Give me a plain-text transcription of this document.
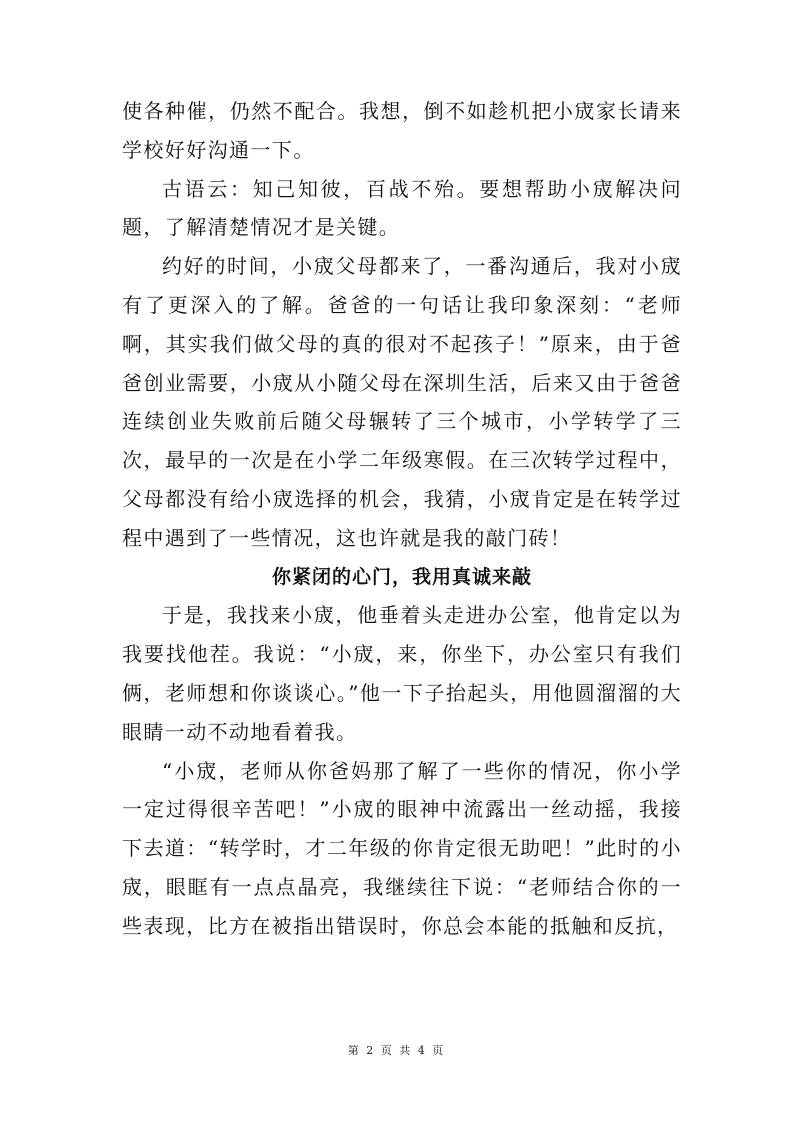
使各种催，仍然不配合。我想，倒不如趁机把小宬家长请来学校好好沟通一下。

古语云：知己知彼，百战不殆。要想帮助小宬解决问题，了解清楚情况才是关键。

约好的时间，小宬父母都来了，一番沟通后，我对小宬有了更深入的了解。爸爸的一句话让我印象深刻：“老师啊，其实我们做父母的真的很对不起孩子！”原来，由于爸爸创业需要，小宬从小随父母在深圳生活，后来又由于爸爸连续创业失败前后随父母辗转了三个城市，小学转学了三次，最早的一次是在小学二年级寒假。在三次转学过程中，父母都没有给小宬选择的机会，我猜，小宬肯定是在转学过程中遇到了一些情况，这也许就是我的敲门砖！

你紧闭的心门，我用真诚来敲

于是，我找来小宬，他垂着头走进办公室，他肯定以为我要找他茬。我说：“小宬，来，你坐下，办公室只有我们俩，老师想和你谈谈心。”他一下子抬起头，用他圆溜溜的大眼睛一动不动地看着我。

“小宬，老师从你爸妈那了解了一些你的情况，你小学一定过得很辛苦吧！”小宬的眼神中流露出一丝动摇，我接下去道：“转学时，才二年级的你肯定很无助吧！”此时的小宬，眼眶有一点点晶亮，我继续往下说：“老师结合你的一些表现，比方在被指出错误时，你总会本能的抵触和反抗，

第 2 页 共 4 页
